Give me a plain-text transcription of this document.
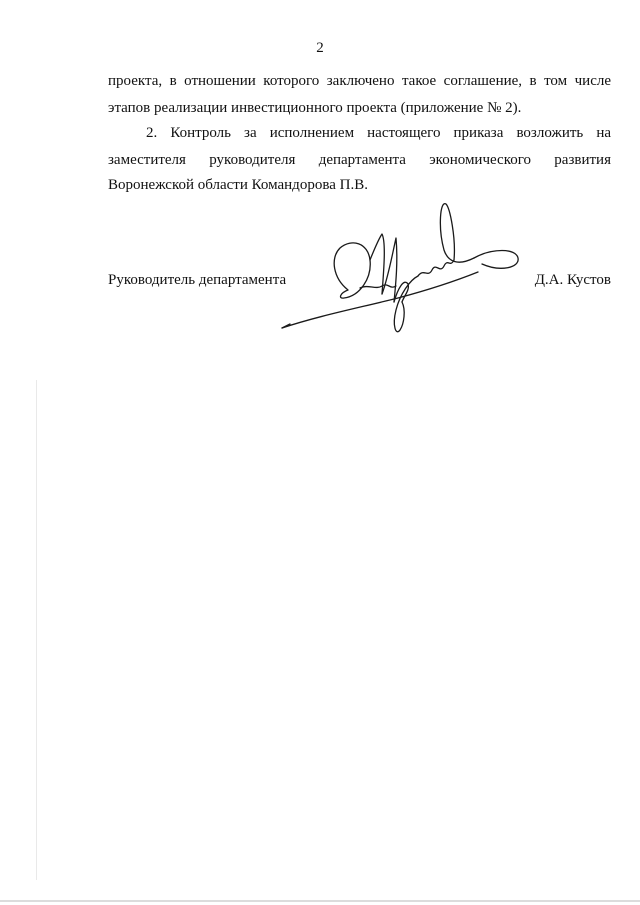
2
проекта, в отношении которого заключено такое соглашение, в том числе
этапов реализации инвестиционного проекта (приложение № 2).
2. Контроль за исполнением настоящего приказа возложить на
заместителя руководителя департамента экономического развития
Воронежской области Командорова П.В.
Руководитель департамента	Д.А. Кустов
